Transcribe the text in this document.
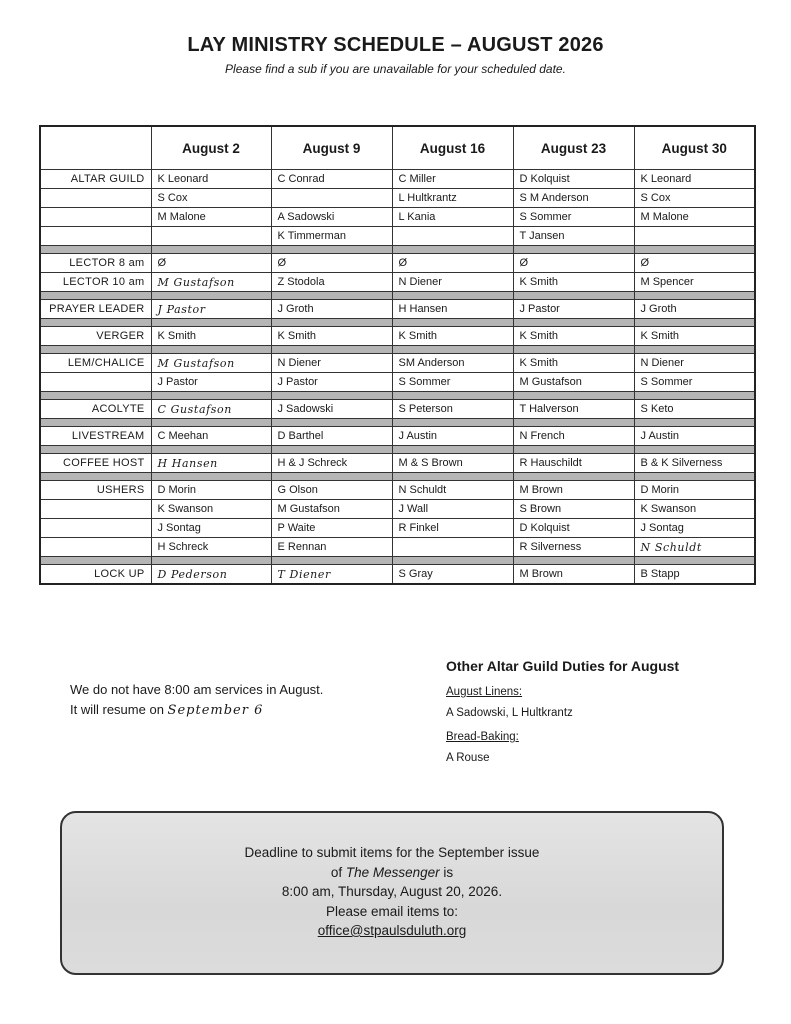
LAY MINISTRY SCHEDULE – AUGUST 2026
Please find a sub if you are unavailable for your scheduled date.
	August 2	August 9	August 16	August 23	August 30
ALTAR GUILD	K Leonard	C Conrad	C Miller	D Kolquist	K Leonard
	S Cox		L Hultkrantz	S M Anderson	S Cox
	M Malone	A Sadowski	L Kania	S Sommer	M Malone
		K Timmerman		T Jansen	

LECTOR 8 am	Ø	Ø	Ø	Ø	Ø
LECTOR 10 am	M Gustafson	Z Stodola	N Diener	K Smith	M Spencer

PRAYER LEADER	J Pastor	J Groth	H Hansen	J Pastor	J Groth

VERGER	K Smith	K Smith	K Smith	K Smith	K Smith

LEM/CHALICE	M Gustafson	N Diener	SM Anderson	K Smith	N Diener
	J Pastor	J Pastor	S Sommer	M Gustafson	S Sommer

ACOLYTE	C Gustafson	J Sadowski	S Peterson	T Halverson	S Keto

LIVESTREAM	C Meehan	D Barthel	J Austin	N French	J Austin

COFFEE HOST	H Hansen	H & J Schreck	M & S Brown	R Hauschildt	B & K Silverness

USHERS	D Morin	G Olson	N Schuldt	M Brown	D Morin
	K Swanson	M Gustafson	J Wall	S Brown	K Swanson
	J Sontag	P Waite	R Finkel	D Kolquist	J Sontag
	H Schreck	E Rennan		R Silverness	N Schuldt

LOCK UP	D Pederson	T Diener	S Gray	M Brown	B Stapp
We do not have 8:00 am services in August.
It will resume on September 6
Other Altar Guild Duties for August
August Linens:
A Sadowski, L Hultkrantz
Bread-Baking:
A Rouse
Deadline to submit items for the September issue
of The Messenger is
8:00 am, Thursday, August 20, 2026.
Please email items to:
office@stpaulsduluth.org
